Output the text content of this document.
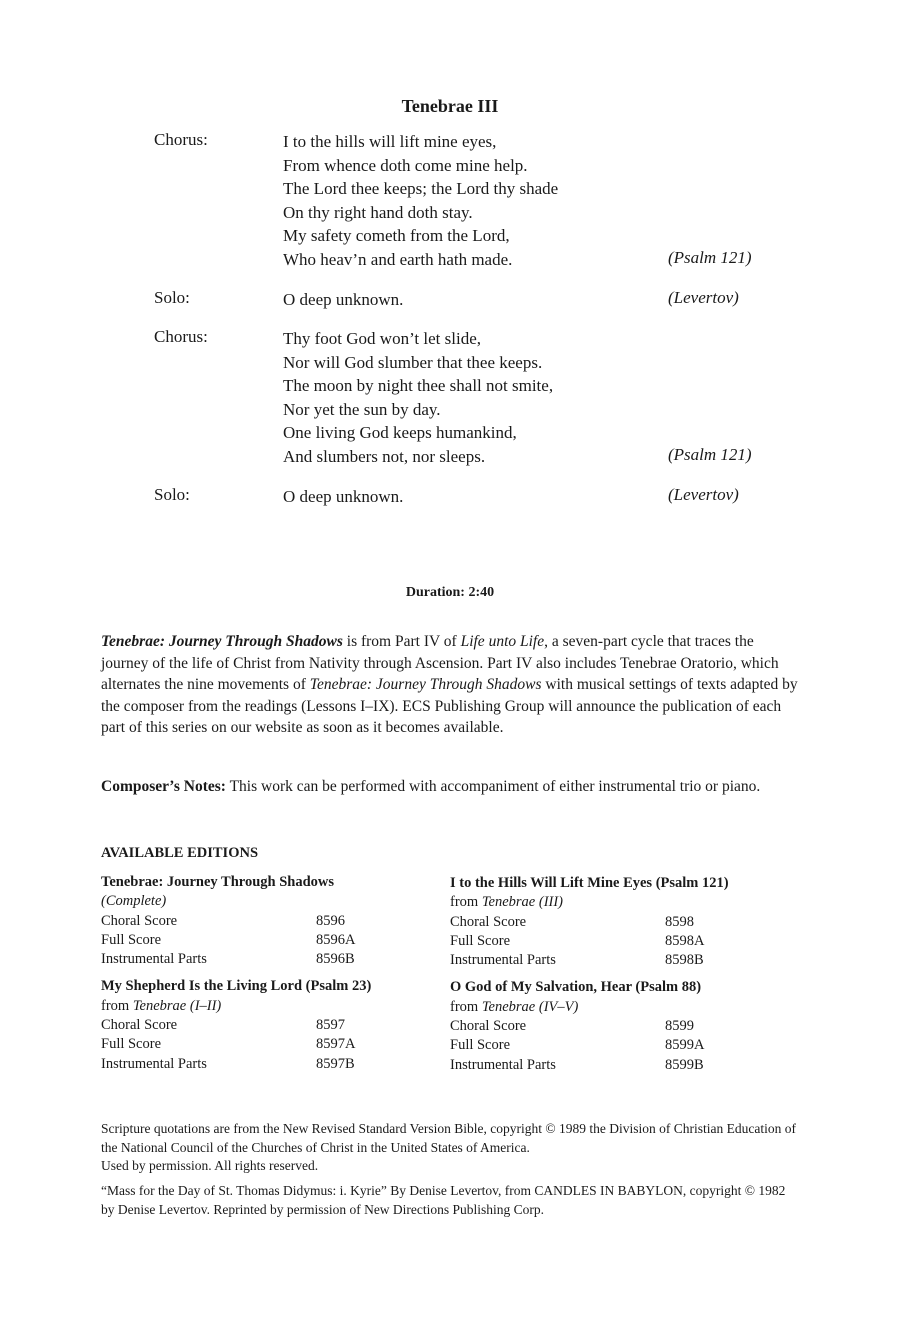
Tenebrae III
Chorus:	I to the hills will lift mine eyes,
From whence doth come mine help.
The Lord thee keeps; the Lord thy shade
On thy right hand doth stay.
My safety cometh from the Lord,
Who heav’n and earth hath made.	(Psalm 121)
Solo:	O deep unknown.	(Levertov)
Chorus:	Thy foot God won’t let slide,
Nor will God slumber that thee keeps.
The moon by night thee shall not smite,
Nor yet the sun by day.
One living God keeps humankind,
And slumbers not, nor sleeps.	(Psalm 121)
Solo:	O deep unknown.	(Levertov)
Duration: 2:40
Tenebrae: Journey Through Shadows is from Part IV of Life unto Life, a seven-part cycle that traces the journey of the life of Christ from Nativity through Ascension. Part IV also includes Tenebrae Oratorio, which alternates the nine movements of Tenebrae: Journey Through Shadows with musical settings of texts adapted by the composer from the readings (Lessons I–IX). ECS Publishing Group will announce the publication of each part of this series on our website as soon as it becomes available.
Composer’s Notes: This work can be performed with accompaniment of either instrumental trio or piano.
AVAILABLE EDITIONS
Tenebrae: Journey Through Shadows
(Complete)
Choral Score	8596
Full Score	8596A
Instrumental Parts	8596B
My Shepherd Is the Living Lord (Psalm 23)
from Tenebrae (I–II)
Choral Score	8597
Full Score	8597A
Instrumental Parts	8597B
I to the Hills Will Lift Mine Eyes (Psalm 121)
from Tenebrae (III)
Choral Score	8598
Full Score	8598A
Instrumental Parts	8598B
O God of My Salvation, Hear (Psalm 88)
from Tenebrae (IV–V)
Choral Score	8599
Full Score	8599A
Instrumental Parts	8599B
Scripture quotations are from the New Revised Standard Version Bible, copyright © 1989 the Division of Christian Education of the National Council of the Churches of Christ in the United States of America.
Used by permission. All rights reserved.
“Mass for the Day of St. Thomas Didymus: i. Kyrie” By Denise Levertov, from CANDLES IN BABYLON, copyright © 1982 by Denise Levertov. Reprinted by permission of New Directions Publishing Corp.
